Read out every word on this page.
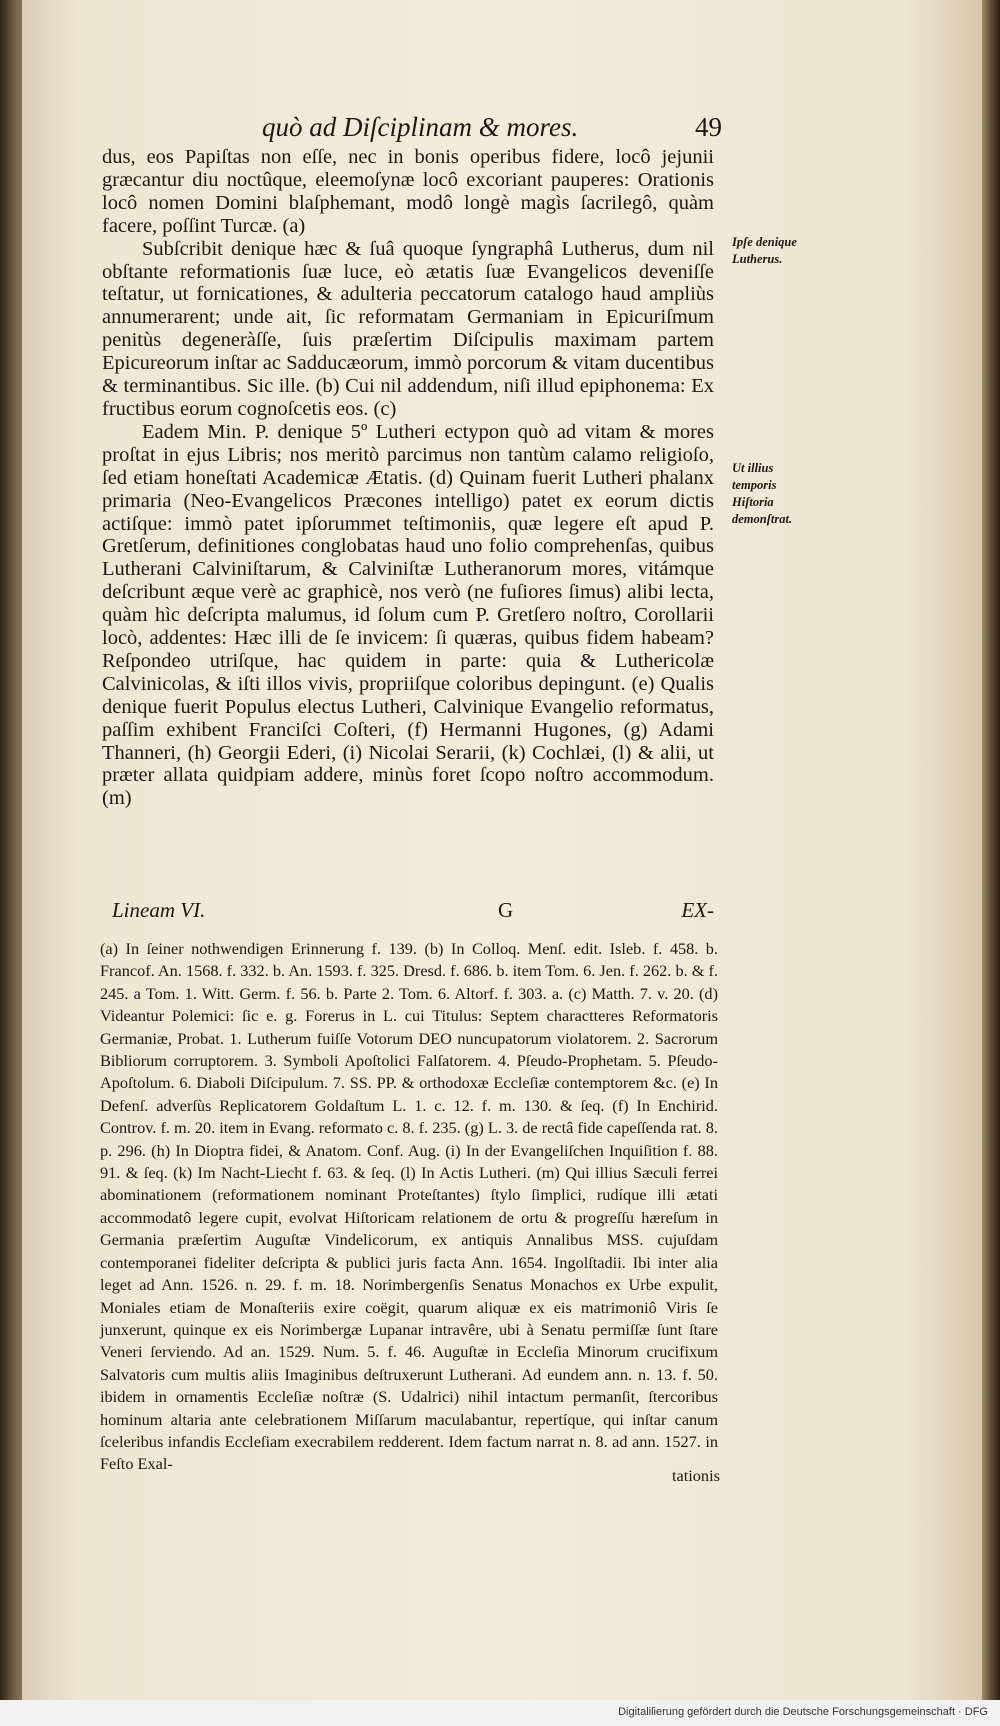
quò ad Diſciplinam & mores.	49

dus, eos Papiſtas non eſſe, nec in bonis operibus fidere, locô jejunii græcantur diu noctûque, eleemoſynæ locô excoriant pauperes: Orationis locô nomen Domini blaſphemant, modô longè magìs ſacrilegô, quàm facere, poſſint Turcæ. (a)

Subſcribit denique hæc & ſuâ quoque ſyngraphâ Lutherus, dum nil obſtante reformationis ſuæ luce, eò ætatis ſuæ Evangelicos deveniſſe teſtatur, ut fornicationes, & adulteria peccatorum catalogo haud ampliùs annumerarent; unde ait, ſic reformatam Germaniam in Epicuriſmum penitùs degeneràſſe, ſuis præſertim Diſcipulis maximam partem Epicureorum inſtar ac Sadducæorum, immò porcorum & vitam ducentibus & terminantibus. Sic ille. (b) Cui nil addendum, niſi illud epiphonema: Ex fructibus eorum cognoſcetis eos. (c)

Eadem Min. P. denique 5º Lutheri ectypon quò ad vitam & mores proſtat in ejus Libris; nos meritò parcimus non tantùm calamo religioſo, ſed etiam honeſtati Academicæ Ætatis. (d) Quinam fuerit Lutheri phalanx primaria (Neo-Evangelicos Præcones intelligo) patet ex eorum dictis actiſque: immò patet ipſorummet teſtimoniis, quæ legere eſt apud P. Gretſerum, definitiones conglobatas haud uno folio comprehenſas, quibus Lutherani Calviniſtarum, & Calviniſtæ Lutheranorum mores, vitámque deſcribunt æque verè ac graphicè, nos verò (ne fuſiores ſimus) alibi lecta, quàm hìc deſcripta malumus, id ſolum cum P. Gretſero noſtro, Corollarii locò, addentes: Hæc illi de ſe invicem: ſi quæras, quibus fidem habeam? Reſpondeo utriſque, hac quidem in parte: quia & Luthericolæ Calvinicolas, & iſti illos vivis, propriiſque coloribus depingunt. (e) Qualis denique fuerit Populus electus Lutheri, Calvinique Evangelio reformatus, paſſim exhibent Franciſci Coſteri, (f) Hermanni Hugones, (g) Adami Thanneri, (h) Georgii Ederi, (i) Nicolai Serarii, (k) Cochlæi, (l) & alii, ut præter allata quidpiam addere, minùs foret ſcopo noſtro accommodum. (m)

Ipſe denique Lutherus.
Ut illius temporis Hiſtoria demonſtrat.
Lineam VI.	G	EX-

(a) In ſeiner nothwendigen Erinnerung f. 139. (b) In Colloq. Menſ. edit. Isleb. f. 458. b. Francof. An. 1568. f. 332. b. An. 1593. f. 325. Dresd. f. 686. b. item Tom. 6. Jen. f. 262. b. & f. 245. a Tom. 1. Witt. Germ. f. 56. b. Parte 2. Tom. 6. Altorf. f. 303. a. (c) Matth. 7. v. 20. (d) Videantur Polemici: ſic e. g. Forerus in L. cui Titulus: Septem charactteres Reformatoris Germaniæ, Probat. 1. Lutherum fuiſſe Votorum DEO nuncupatorum violatorem. 2. Sacrorum Bibliorum corruptorem. 3. Symboli Apoſtolici Falſatorem. 4. Pſeudo-Prophetam. 5. Pſeudo-Apoſtolum. 6. Diaboli Diſcipulum. 7. SS. PP. & orthodoxæ Eccleſiæ contemptorem &c. (e) In Defenſ. adverſùs Replicatorem Goldaſtum L. 1. c. 12. f. m. 130. & ſeq. (f) In Enchirid. Controv. f. m. 20. item in Evang. reformato c. 8. f. 235. (g) L. 3. de rectâ fide capeſſenda rat. 8. p. 296. (h) In Dioptra fidei, & Anatom. Conf. Aug. (i) In der Evangeliſchen Inquiſition f. 88. 91. & ſeq. (k) Im Nacht-Liecht f. 63. & ſeq. (l) In Actis Lutheri. (m) Qui illius Sæculi ferrei abominationem (reformationem nominant Proteſtantes) ſtylo ſimplici, rudíque illi ætati accommodatô legere cupit, evolvat Hiſtoricam relationem de ortu & progreſſu hæreſum in Germania præſertim Auguſtæ Vindelicorum, ex antiquis Annalibus MSS. cujuſdam contemporanei fideliter deſcripta & publici juris facta Ann. 1654. Ingolſtadii. Ibi inter alia leget ad Ann. 1526. n. 29. f. m. 18. Norimbergenſis Senatus Monachos ex Urbe expulit, Moniales etiam de Monaſteriis exire coëgit, quarum aliquæ ex eis matrimoniô Viris ſe junxerunt, quinque ex eis Norimbergæ Lupanar intravêre, ubi à Senatu permiſſæ ſunt ſtare Veneri ſerviendo. Ad an. 1529. Num. 5. f. 46. Auguſtæ in Eccleſia Minorum crucifixum Salvatoris cum multis aliis Imaginibus deſtruxerunt Lutherani. Ad eundem ann. n. 13. f. 50. ibidem in ornamentis Eccleſiæ noſtræ (S. Udalrici) nihil intactum permanſit, ſtercoribus hominum altaria ante celebrationem Miſſarum maculabantur, repertíque, qui inſtar canum ſceleribus infandis Eccleſiam execrabilem redderent. Idem factum narrat n. 8. ad ann. 1527. in Feſto Exal-

tationis
Digitaliſierung gefördert durch die Deutsche Forschungsgemeinschaft · DFG
